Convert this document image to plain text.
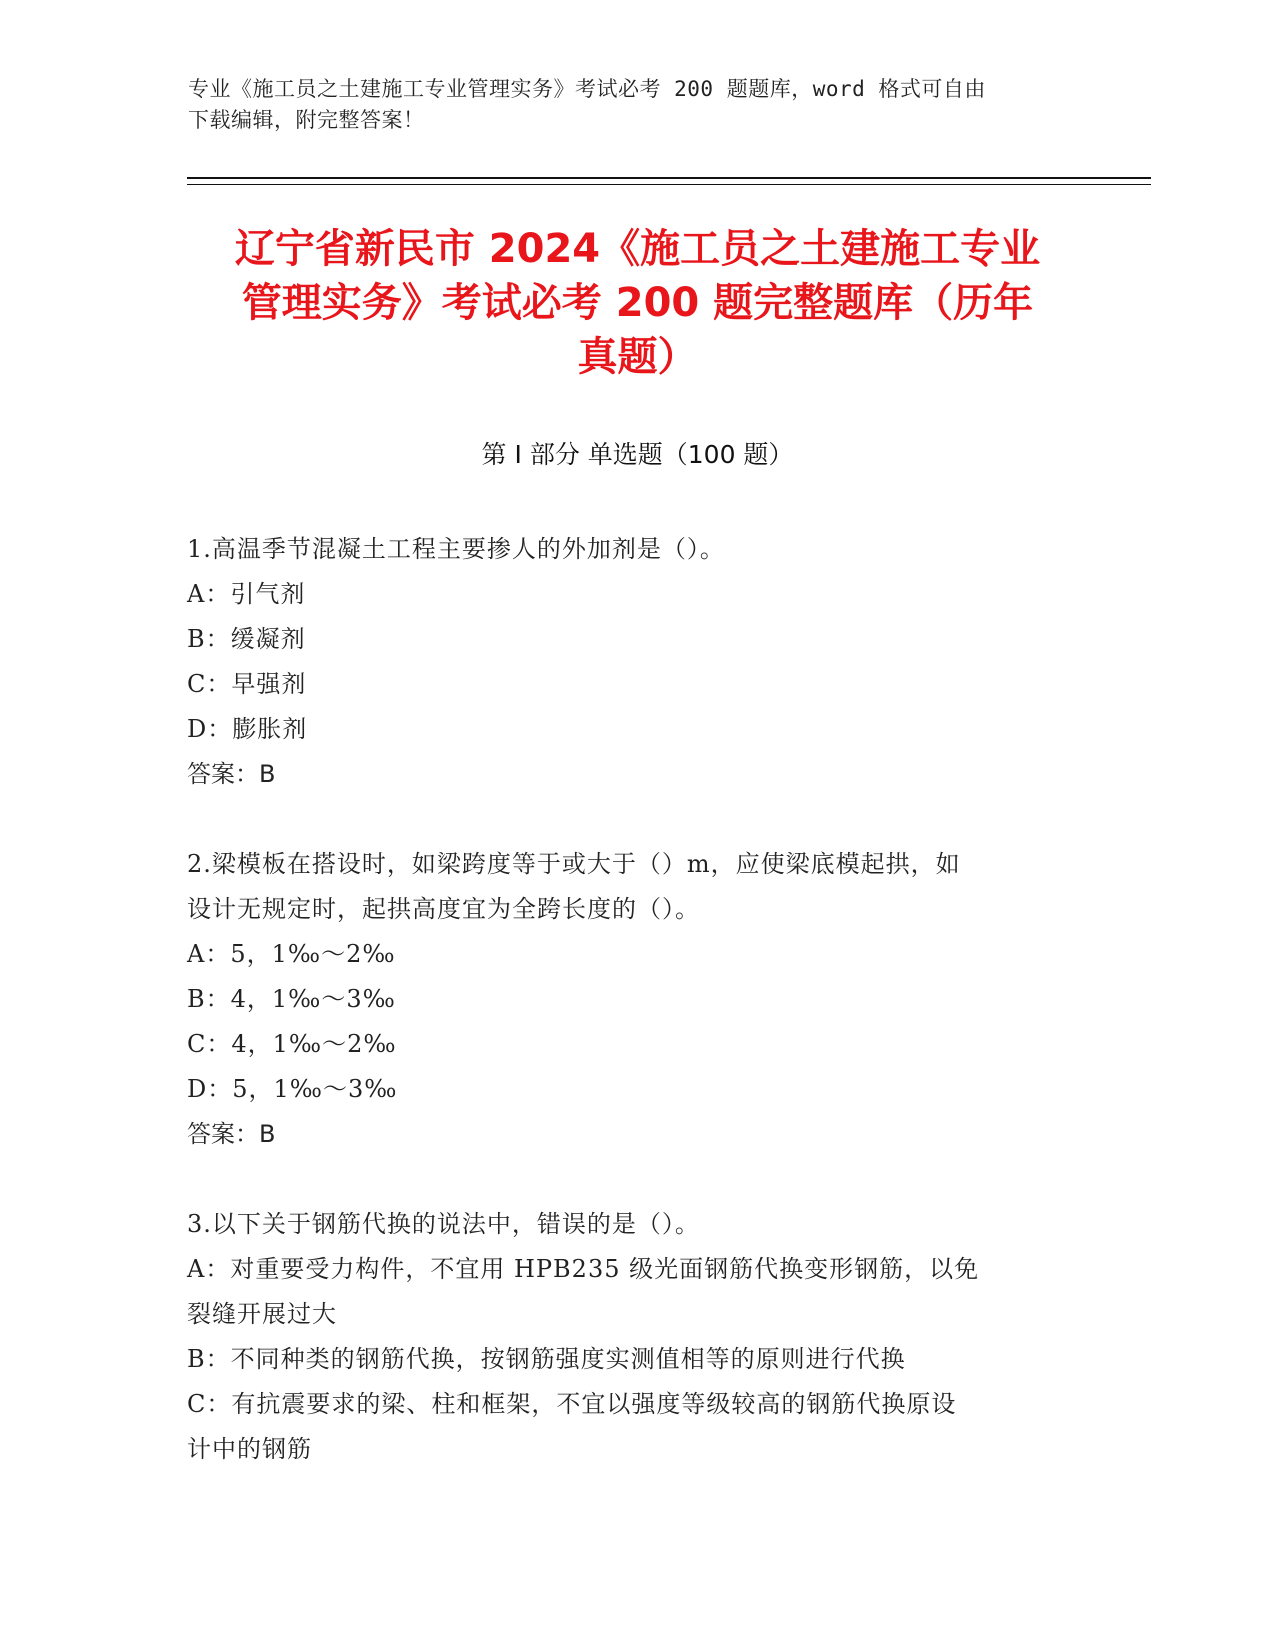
专业《施工员之土建施工专业管理实务》考试必考 200 题题库，word 格式可自由
下载编辑，附完整答案！
辽宁省新民市 2024《施工员之土建施工专业
管理实务》考试必考 200 题完整题库（历年
真题）
第 I 部分 单选题（100 题）
1.高温季节混凝土工程主要掺人的外加剂是（）。
A：引气剂
B：缓凝剂
C：早强剂
D：膨胀剂
答案：B
2.梁模板在搭设时，如梁跨度等于或大于（）m，应使梁底模起拱，如
设计无规定时，起拱高度宜为全跨长度的（）。
A：5，1‰～2‰
B：4，1‰～3‰
C：4，1‰～2‰
D：5，1‰～3‰
答案：B
3.以下关于钢筋代换的说法中，错误的是（）。
A：对重要受力构件，不宜用 HPB235 级光面钢筋代换变形钢筋，以免
裂缝开展过大
B：不同种类的钢筋代换，按钢筋强度实测值相等的原则进行代换
C：有抗震要求的梁、柱和框架，不宜以强度等级较高的钢筋代换原设
计中的钢筋
